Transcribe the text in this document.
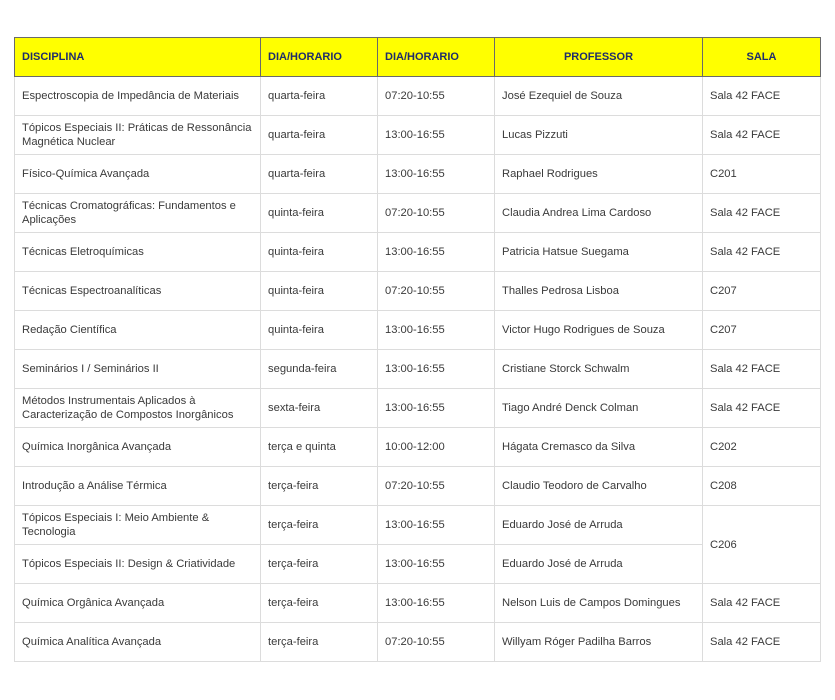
DISCIPLINA	DIA/HORARIO	DIA/HORARIO	PROFESSOR	SALA
Espectroscopia de Impedância de Materiais	quarta-feira	07:20-10:55	José Ezequiel de Souza	Sala 42 FACE
Tópicos Especiais II: Práticas de Ressonância Magnética Nuclear	quarta-feira	13:00-16:55	Lucas Pizzuti	Sala 42 FACE
Físico-Química Avançada	quarta-feira	13:00-16:55	Raphael Rodrigues	C201
Técnicas Cromatográficas: Fundamentos e Aplicações	quinta-feira	07:20-10:55	Claudia Andrea Lima Cardoso	Sala 42 FACE
Técnicas Eletroquímicas	quinta-feira	13:00-16:55	Patricia Hatsue Suegama	Sala 42 FACE
Técnicas Espectroanalíticas	quinta-feira	07:20-10:55	Thalles Pedrosa Lisboa	C207
Redação Científica	quinta-feira	13:00-16:55	Victor Hugo Rodrigues de Souza	C207
Seminários I / Seminários II	segunda-feira	13:00-16:55	Cristiane Storck Schwalm	Sala 42 FACE
Métodos Instrumentais Aplicados à Caracterização de Compostos Inorgânicos	sexta-feira	13:00-16:55	Tiago André Denck Colman	Sala 42 FACE
Química Inorgânica Avançada	terça e quinta	10:00-12:00	Hágata Cremasco da Silva	C202
Introdução a Análise Térmica	terça-feira	07:20-10:55	Claudio Teodoro de Carvalho	C208
Tópicos Especiais I: Meio Ambiente & Tecnologia	terça-feira	13:00-16:55	Eduardo José de Arruda	C206
Tópicos Especiais II: Design & Criatividade	terça-feira	13:00-16:55	Eduardo José de Arruda	
Química Orgânica Avançada	terça-feira	13:00-16:55	Nelson Luis de Campos Domingues	Sala 42 FACE
Química Analítica Avançada	terça-feira	07:20-10:55	Willyam Róger Padilha Barros	Sala 42 FACE
